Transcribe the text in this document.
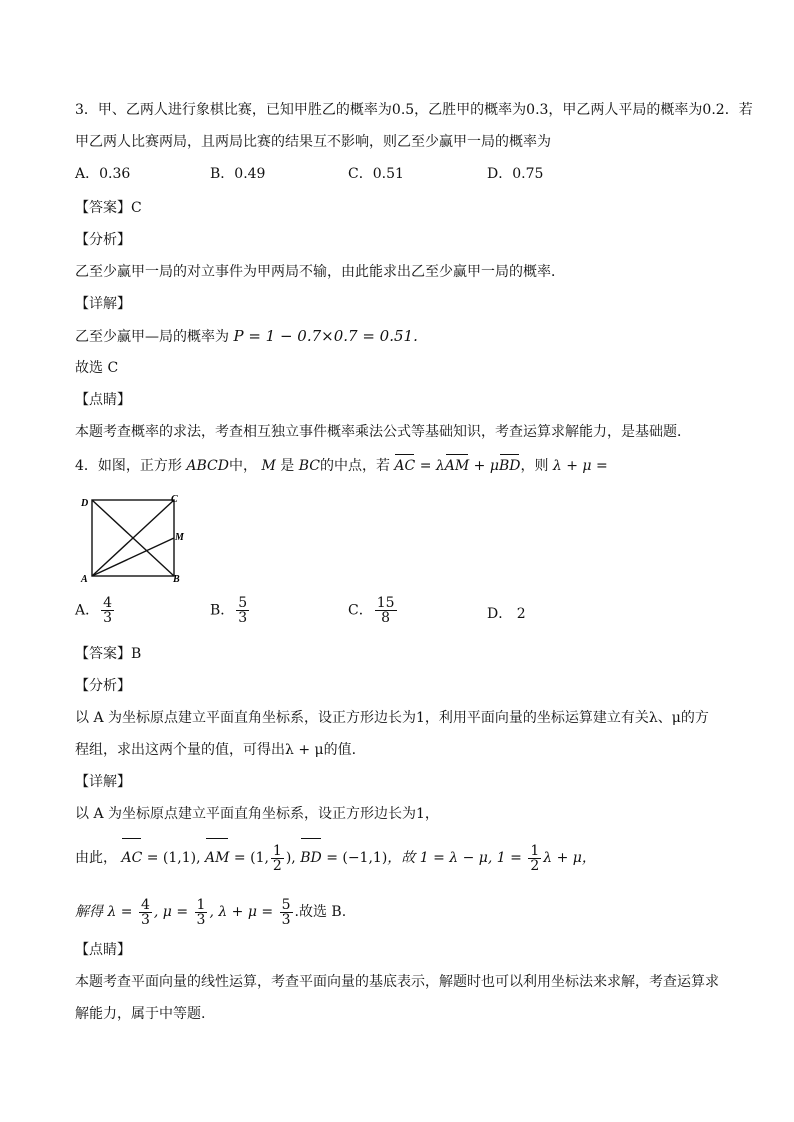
3．甲、乙两人进行象棋比赛，已知甲胜乙的概率为0.5，乙胜甲的概率为0.3，甲乙两人平局的概率为0.2．若
甲乙两人比赛两局，且两局比赛的结果互不影响，则乙至少赢甲一局的概率为
A．0.36	B．0.49	C．0.51	D．0.75
【答案】C
【分析】
乙至少赢甲一局的对立事件为甲两局不输，由此能求出乙至少赢甲一局的概率．
【详解】
乙至少赢甲—局的概率为 P = 1 − 0.7×0.7 = 0.51.
故选 C
【点睛】
本题考查概率的求法，考查相互独立事件概率乘法公式等基础知识，考查运算求解能力，是基础题．
4．如图，正方形 ABCD中， M 是 BC的中点，若 AC = λAM + μBD，则 λ + μ =
D	C
M
A	B
A． $\frac{4}{3}$	B． $\frac{5}{3}$	C． $\frac{15}{8}$	D． 2
【答案】B
【分析】
以 A 为坐标原点建立平面直角坐标系，设正方形边长为1，利用平面向量的坐标运算建立有关λ、μ的方
程组，求出这两个量的值，可得出λ + μ的值.
【详解】
以 A 为坐标原点建立平面直角坐标系，设正方形边长为1，
由此， AC = (1,1), AM = (1, $\frac{1}{2}$ ), BD = (−1,1)，故 1 = λ − μ, $1 = \frac{1}{2}$ λ + μ，
解得 $\lambda = \frac{4}{3}$ , $\mu = \frac{1}{3}$ , $\lambda + \mu = \frac{5}{3}$ .故选 B.
【点睛】
本题考查平面向量的线性运算，考查平面向量的基底表示，解题时也可以利用坐标法来求解，考查运算求
解能力，属于中等题.
